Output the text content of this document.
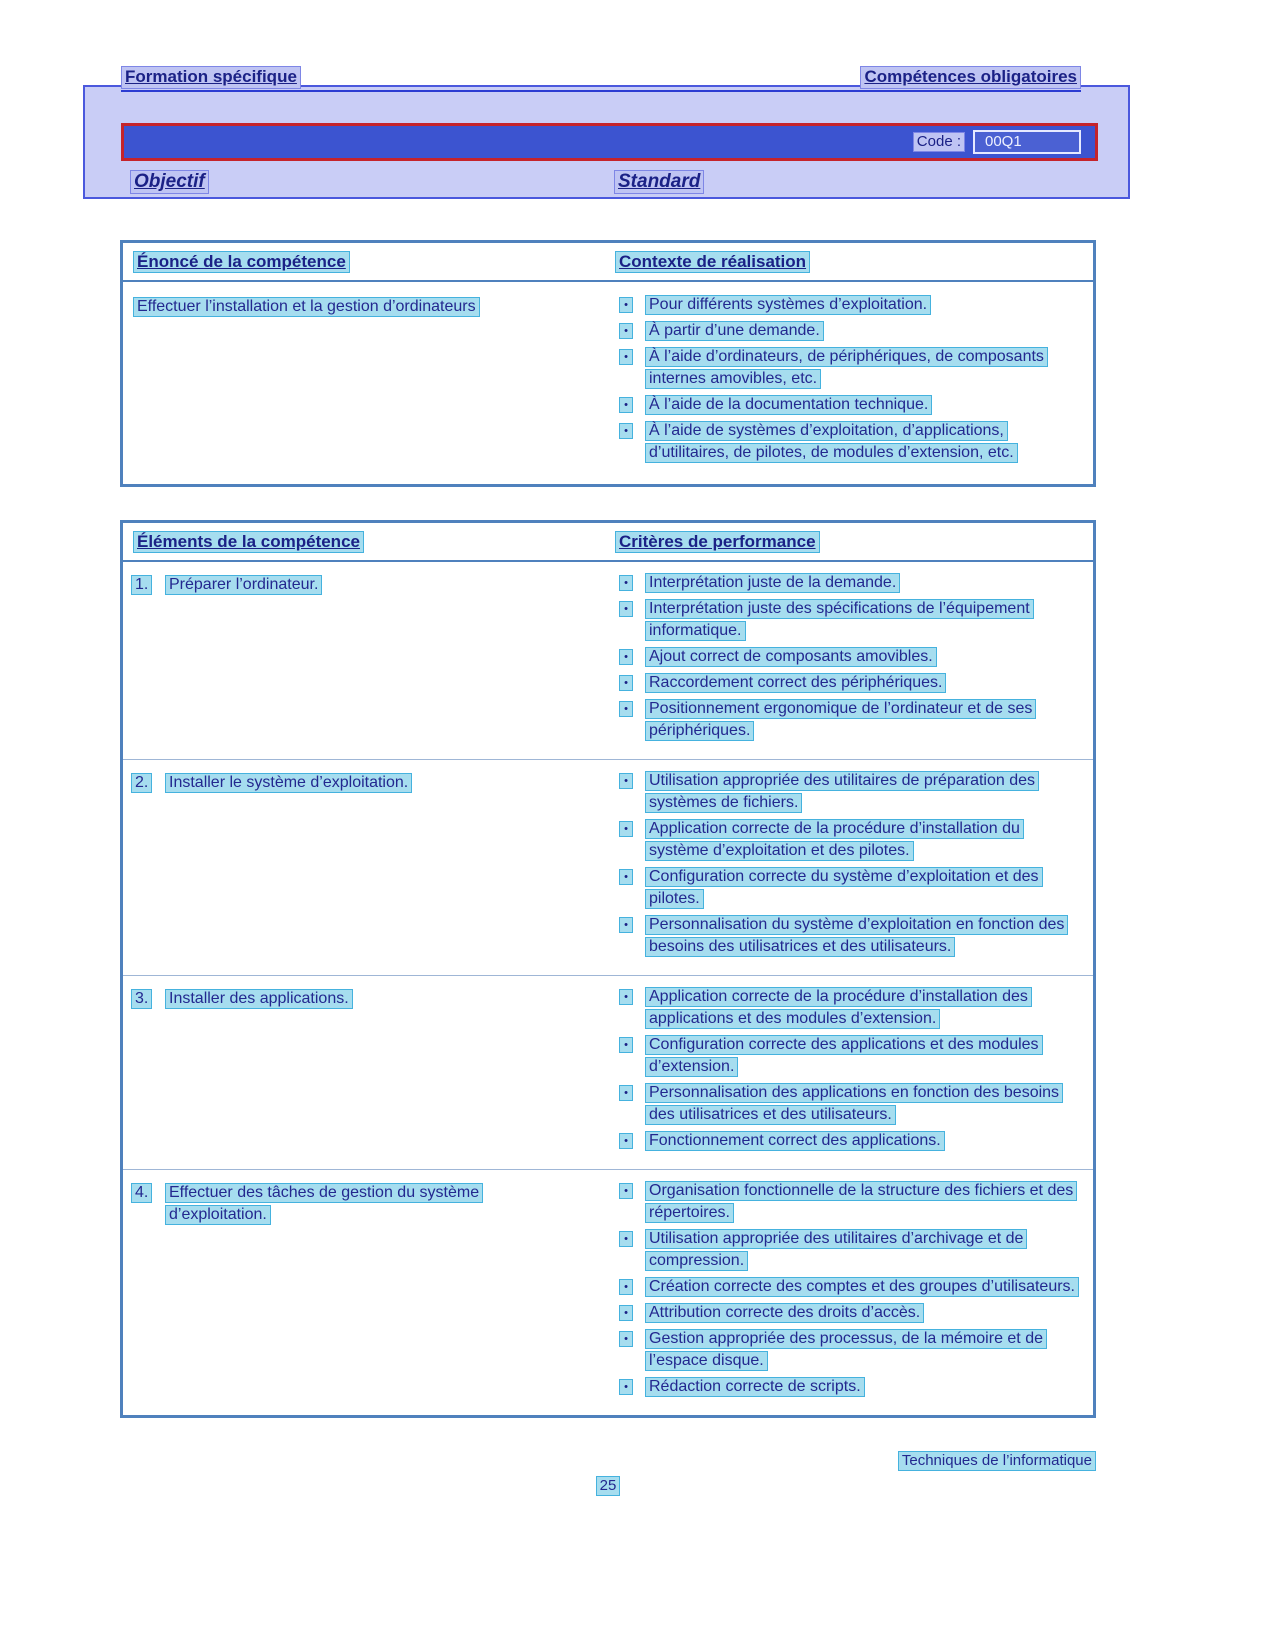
Formation spécifique	Compétences obligatoires
Code :	00Q1
Objectif	Standard
Énoncé de la compétence	Contexte de réalisation
Effectuer l’installation et la gestion d’ordinateurs	•	Pour différents systèmes d’exploitation.
•	À partir d’une demande.
•	À l’aide d’ordinateurs, de périphériques, de composants internes amovibles, etc.
•	À l’aide de la documentation technique.
•	À l’aide de systèmes d’exploitation, d’applications, d’utilitaires, de pilotes, de modules d’extension, etc.
Éléments de la compétence	Critères de performance
1.	Préparer l’ordinateur.	•	Interprétation juste de la demande.
•	Interprétation juste des spécifications de l’équipement informatique.
•	Ajout correct de composants amovibles.
•	Raccordement correct des périphériques.
•	Positionnement ergonomique de l’ordinateur et de ses périphériques.
2.	Installer le système d’exploitation.	•	Utilisation appropriée des utilitaires de préparation des systèmes de fichiers.
•	Application correcte de la procédure d’installation du système d’exploitation et des pilotes.
•	Configuration correcte du système d’exploitation et des pilotes.
•	Personnalisation du système d’exploitation en fonction des besoins des utilisatrices et des utilisateurs.
3.	Installer des applications.	•	Application correcte de la procédure d’installation des applications et des modules d’extension.
•	Configuration correcte des applications et des modules d’extension.
•	Personnalisation des applications en fonction des besoins des utilisatrices et des utilisateurs.
•	Fonctionnement correct des applications.
4.	Effectuer des tâches de gestion du système d’exploitation.
•	Organisation fonctionnelle de la structure des fichiers et des répertoires.
•	Utilisation appropriée des utilitaires d’archivage et de compression.
•	Création correcte des comptes et des groupes d’utilisateurs.
•	Attribution correcte des droits d’accès.
•	Gestion appropriée des processus, de la mémoire et de l’espace disque.
•	Rédaction correcte de scripts.
Techniques de l’informatique
25
